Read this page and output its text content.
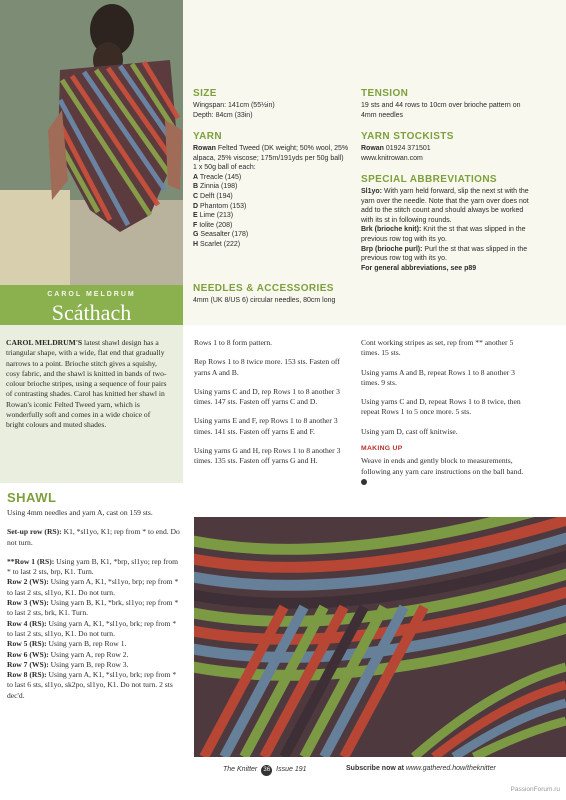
CAROL MELDRUM
Scáthach

CAROL MELDRUM'S latest shawl design has a triangular shape, with a wide, flat end that gradually narrows to a point. Brioche stitch gives a squishy, cosy fabric, and the shawl is knitted in bands of two-colour brioche stripes, using a sequence of four pairs of contrasting shades. Carol has knitted her shawl in Rowan's iconic Felted Tweed yarn, which is wonderfully soft and comes in a wide choice of bright colours and muted shades.

SIZE
Wingspan: 141cm (55½in)
Depth: 84cm (33in)
YARN

Rowan Felted Tweed (DK weight; 50% wool, 25% alpaca, 25% viscose; 175m/191yds per 50g ball)

1 x 50g ball of each:

A Treacle (145)
B Zinnia (198)
C Delft (194)
D Phantom (153)
E Lime (213)
F Iolite (208)
G Seasalter (178)
H Scarlet (222)
NEEDLES & ACCESSORIES
4mm (UK 8/US 6) circular needles, 80cm long
TENSION
19 sts and 44 rows to 10cm over brioche pattern on 4mm needles
YARN STOCKISTS
Rowan 01924 371501
www.knitrowan.com
SPECIAL ABBREVIATIONS

Sl1yo: With yarn held forward, slip the next st with the yarn over the needle. Note that the yarn over does not add to the stitch count and should always be worked with its st in following rounds.

Brk (brioche knit): Knit the st that was slipped in the previous row tog with its yo.

Brp (brioche purl): Purl the st that was slipped in the previous row tog with its yo.

For general abbreviations, see p89

SHAWL

Using 4mm needles and yarn A, cast on 159 sts.

Set-up row (RS): K1, *sl1yo, K1; rep from * to end. Do not turn.

**Row 1 (RS): Using yarn B, K1, *brp, sl1yo; rep from * to last 2 sts, brp, K1. Turn.

Row 2 (WS): Using yarn A, K1, *sl1yo, brp; rep from * to last 2 sts, sl1yo, K1. Do not turn.

Row 3 (WS): Using yarn B, K1, *brk, sl1yo; rep from * to last 2 sts, brk, K1. Turn.

Row 4 (RS): Using yarn A, K1, *sl1yo, brk; rep from * to last 2 sts, sl1yo, K1. Do not turn.

Row 5 (RS): Using yarn B, rep Row 1.

Row 6 (WS): Using yarn A, rep Row 2.

Row 7 (WS): Using yarn B, rep Row 3.

Row 8 (RS): Using yarn A, K1, *sl1yo, brk; rep from * to last 6 sts, sl1yo, sk2po, sl1yo, K1. Do not turn. 2 sts dec'd.

Rows 1 to 8 form pattern.

Rep Rows 1 to 8 twice more. 153 sts. Fasten off yarns A and B.

Using yarns C and D, rep Rows 1 to 8 another 3 times. 147 sts. Fasten off yarns C and D.

Using yarns E and F, rep Rows 1 to 8 another 3 times. 141 sts. Fasten off yarns E and F.

Using yarns G and H, rep Rows 1 to 8 another 3 times. 135 sts. Fasten off yarns G and H.

Cont working stripes as set, rep from ** another 5 times. 15 sts.

Using yarns A and B, repeat Rows 1 to 8 another 3 times. 9 sts.

Using yarns C and D, repeat Rows 1 to 8 twice, then repeat Rows 1 to 5 once more. 5 sts.

Using yarn D, cast off knitwise.

MAKING UP

Weave in ends and gently block to measurements, following any yarn care instructions on the ball band.

The Knitter 36 Issue 191	Subscribe now at www.gathered.how/theknitter
PassionForum.ru
